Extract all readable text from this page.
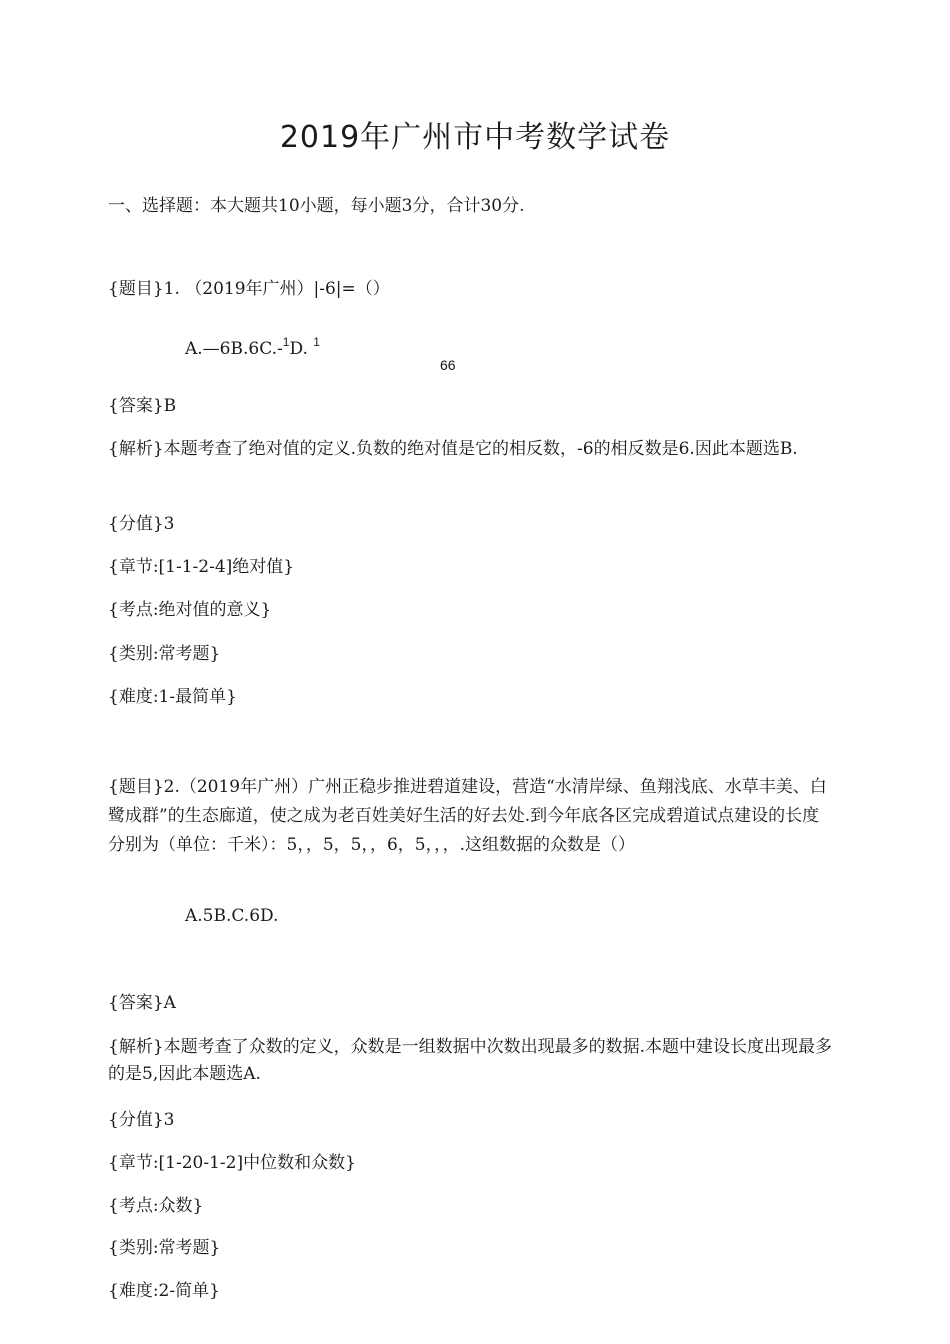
2019年广州市中考数学试卷
一、选择题：本大题共10小题，每小题3分，合计30分.
{题目}1. （2019年广州）|-6|=（）
A.—6B.6C.-$^1$D. $^1$
66
{答案}B
{解析}本题考查了绝对值的定义.负数的绝对值是它的相反数，-6的相反数是6.因此本题选B.
{分值}3
{章节:[1-1-2-4]绝对值}
{考点:绝对值的意义}
{类别:常考题}
{难度:1-最简单}
{题目}2.（2019年广州）广州正稳步推进碧道建设，营造“水清岸绿、鱼翔浅底、水草丰美、白鹭成群”的生态廊道，使之成为老百姓美好生活的好去处.到今年底各区完成碧道试点建设的长度分别为（单位：千米）：5，，5，5，，6，5，，，.这组数据的众数是（）
A.5B.C.6D.
{答案}A
{解析}本题考查了众数的定义，众数是一组数据中次数出现最多的数据.本题中建设长度出现最多的是5,因此本题选A.
{分值}3
{章节:[1-20-1-2]中位数和众数}
{考点:众数}
{类别:常考题}
{难度:2-简单}
